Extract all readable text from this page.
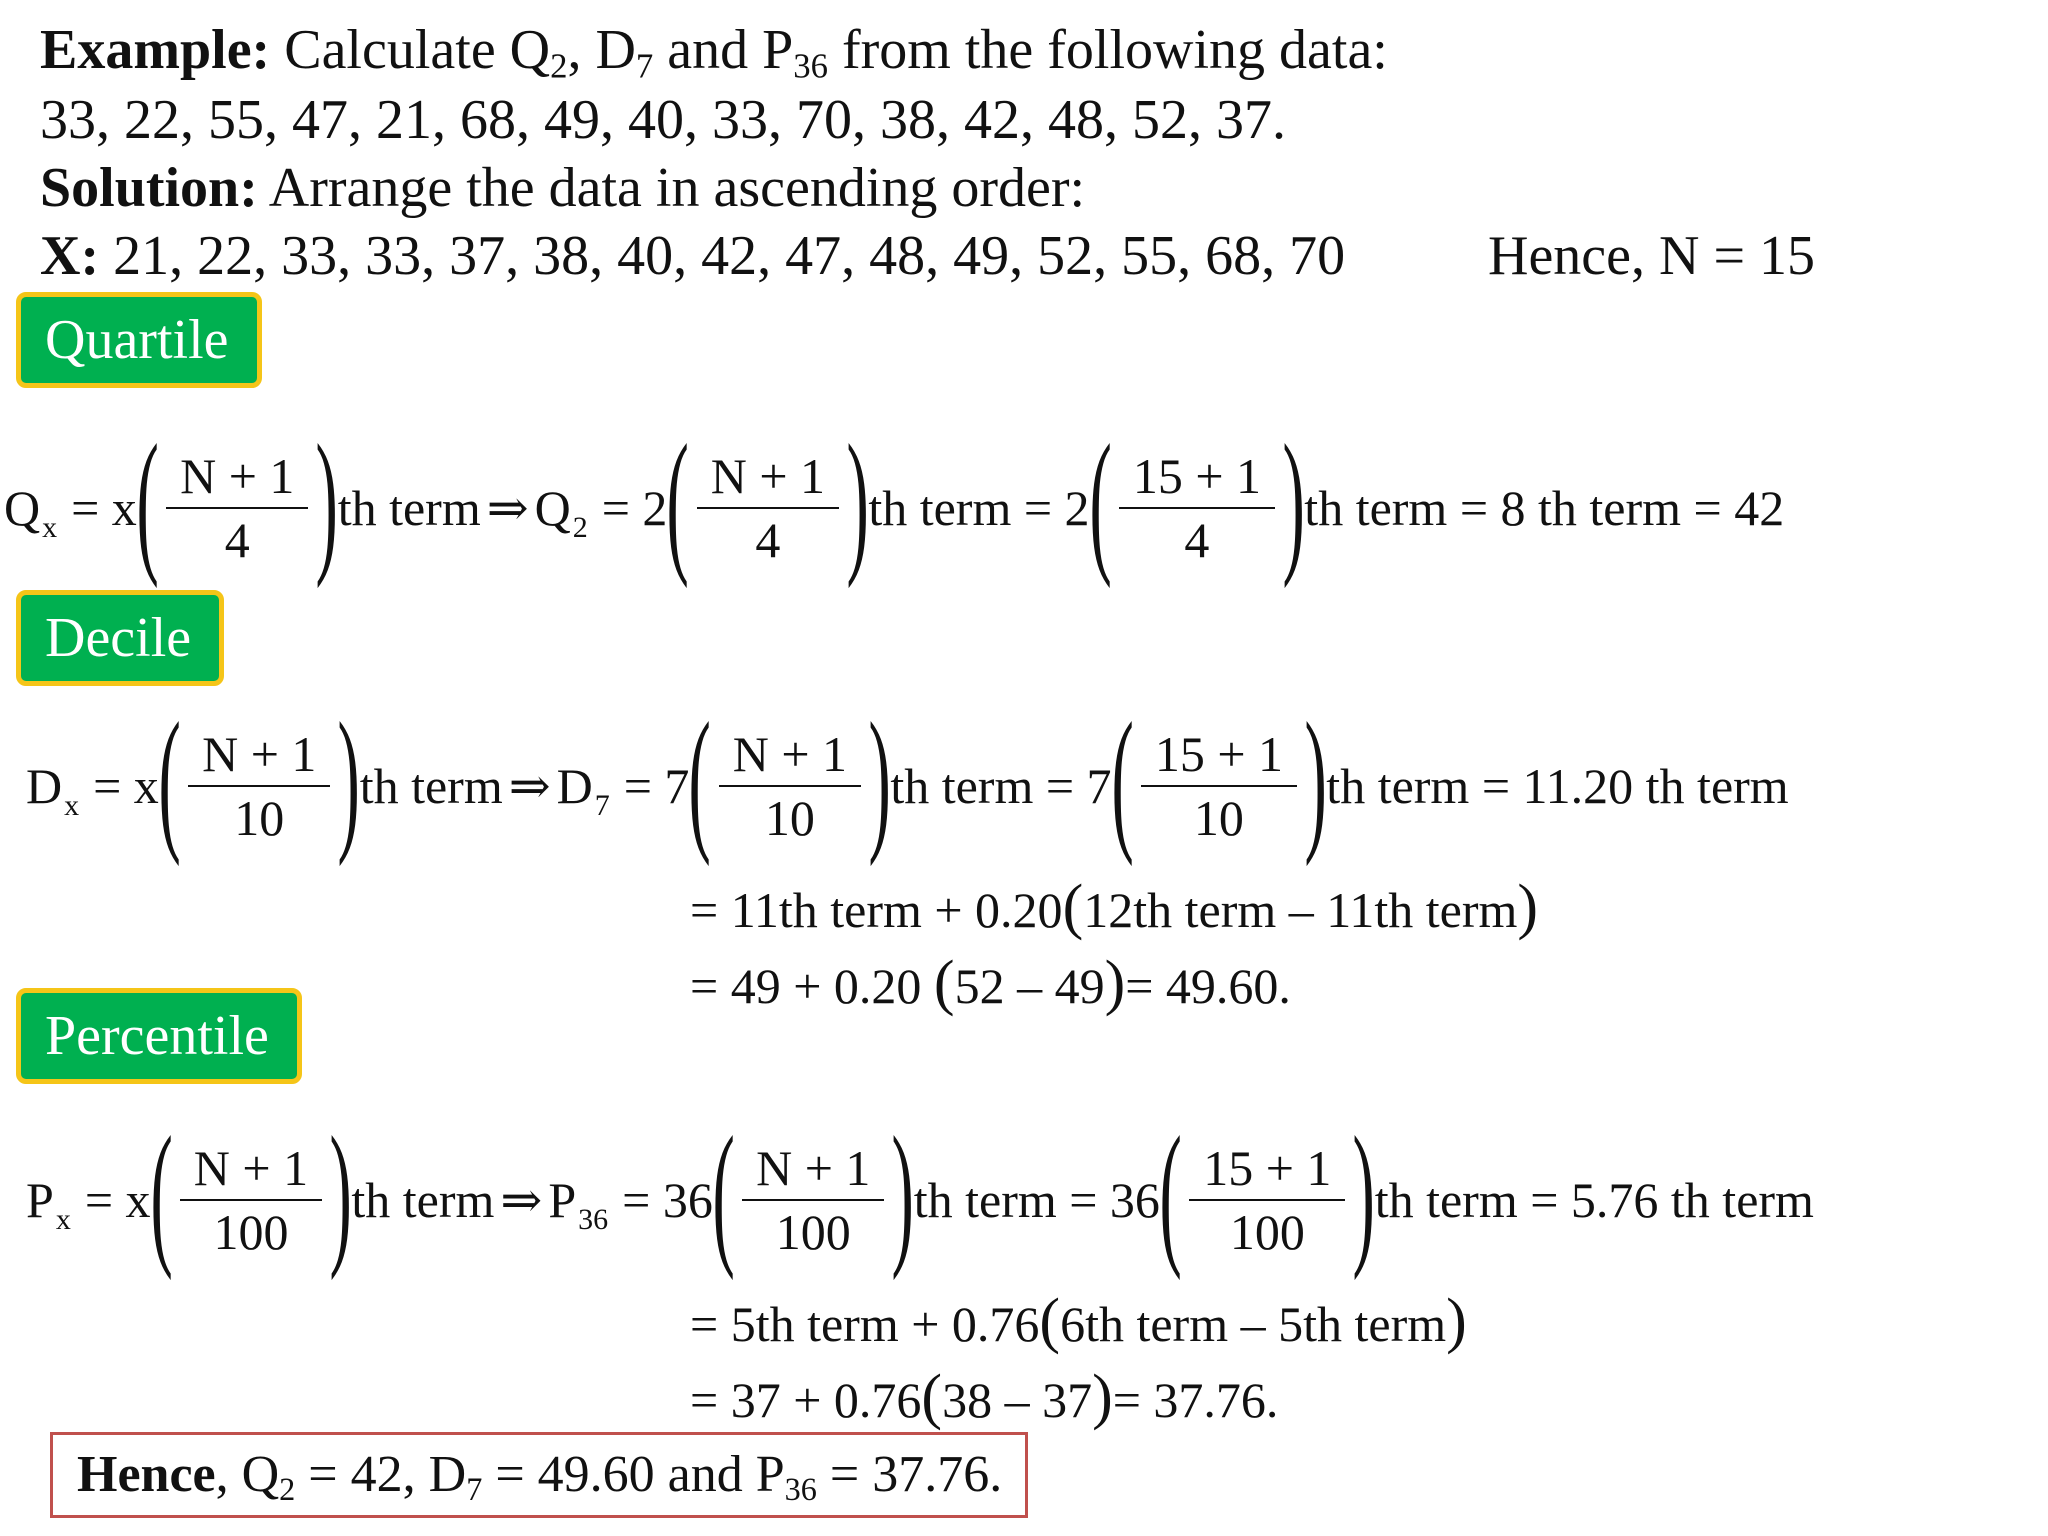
Example: Calculate $Q_2$, $D_7$ and $P_{36}$ from the following data:
33, 22, 55, 47, 21, 68, 49, 40, 33, 70, 38, 42, 48, 52, 37.
Solution: Arrange the data in ascending order:
X: 21, 22, 33, 33, 37, 38, 40, 42, 47, 48, 49, 52, 55, 68, 70	Hence, N = 15
Quartile
Q x = x ( $\frac{N + 1}{4}$ ) th term ⇒ Q 2 = 2 ( $\frac{N + 1}{4}$ ) th term = 2 ( $\frac{15 + 1}{4}$ ) th term = 8 th term = 42
Decile
D x = x ( $\frac{N + 1}{10}$ ) th term ⇒ D 7 = 7 ( $\frac{N + 1}{10}$ ) th term = 7 ( $\frac{15 + 1}{10}$ ) th term = 11.20 th term
= 11th term + 0.20(12th term – 11th term)
= 49 + 0.20 (52 – 49)= 49.60.
Percentile
P x = x ( $\frac{N + 1}{100}$ ) th term ⇒ P 36 = 36 ( $\frac{N + 1}{100}$ ) th term = 36 ( $\frac{15 + 1}{100}$ ) th term = 5.76 th term
= 5th term + 0.76(6th term – 5th term)
= 37 + 0.76(38 – 37)= 37.76.
Hence, $Q_2 = 42$, $D_7 = 49.60$ and $P_{36} = 37.76$.
